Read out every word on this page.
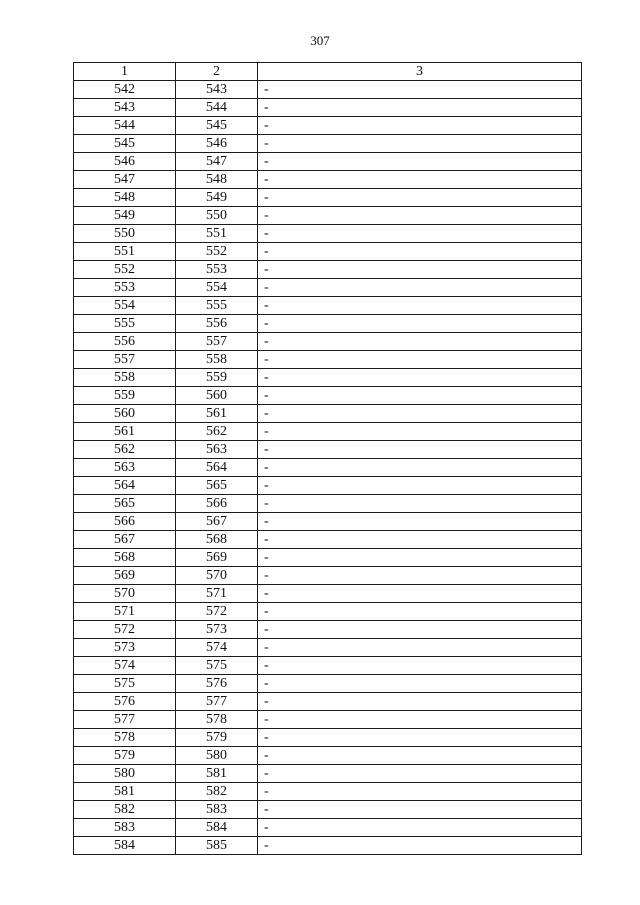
307
1	2	3
542	543	-
543	544	-
544	545	-
545	546	-
546	547	-
547	548	-
548	549	-
549	550	-
550	551	-
551	552	-
552	553	-
553	554	-
554	555	-
555	556	-
556	557	-
557	558	-
558	559	-
559	560	-
560	561	-
561	562	-
562	563	-
563	564	-
564	565	-
565	566	-
566	567	-
567	568	-
568	569	-
569	570	-
570	571	-
571	572	-
572	573	-
573	574	-
574	575	-
575	576	-
576	577	-
577	578	-
578	579	-
579	580	-
580	581	-
581	582	-
582	583	-
583	584	-
584	585	-
